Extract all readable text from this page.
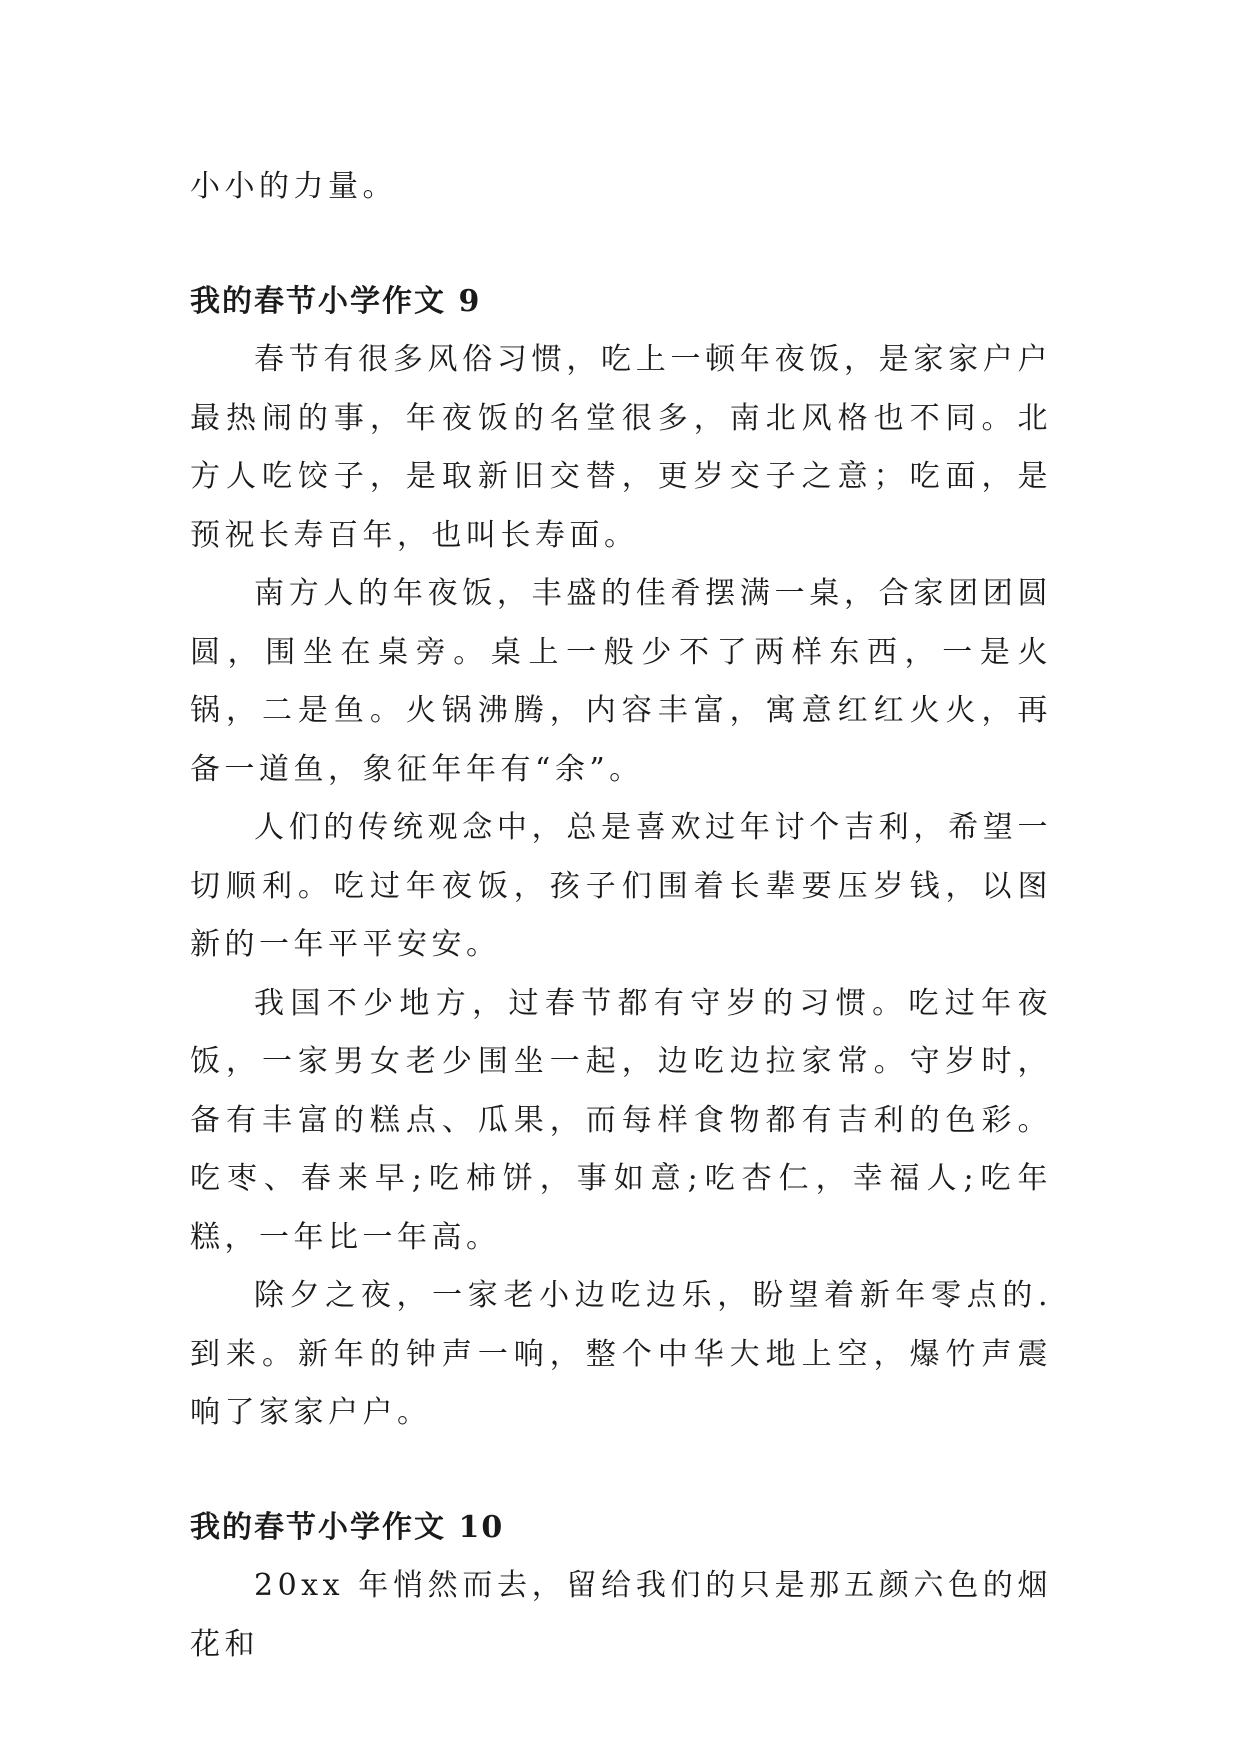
小小的力量。

我的春节小学作文 9

春节有很多风俗习惯，吃上一顿年夜饭，是家家户户最热闹的事，年夜饭的名堂很多，南北风格也不同。北方人吃饺子，是取新旧交替，更岁交子之意；吃面，是预祝长寿百年，也叫长寿面。

南方人的年夜饭，丰盛的佳肴摆满一桌，合家团团圆圆，围坐在桌旁。桌上一般少不了两样东西，一是火锅，二是鱼。火锅沸腾，内容丰富，寓意红红火火，再备一道鱼，象征年年有“余”。

人们的传统观念中，总是喜欢过年讨个吉利，希望一切顺利。吃过年夜饭，孩子们围着长辈要压岁钱，以图新的一年平平安安。

我国不少地方，过春节都有守岁的习惯。吃过年夜饭，一家男女老少围坐一起，边吃边拉家常。守岁时，备有丰富的糕点、瓜果，而每样食物都有吉利的色彩。吃枣、春来早;吃柿饼，事如意;吃杏仁，幸福人;吃年糕，一年比一年高。

除夕之夜，一家老小边吃边乐，盼望着新年零点的.到来。新年的钟声一响，整个中华大地上空，爆竹声震响了家家户户。

我的春节小学作文 10

20xx 年悄然而去，留给我们的只是那五颜六色的烟花和
